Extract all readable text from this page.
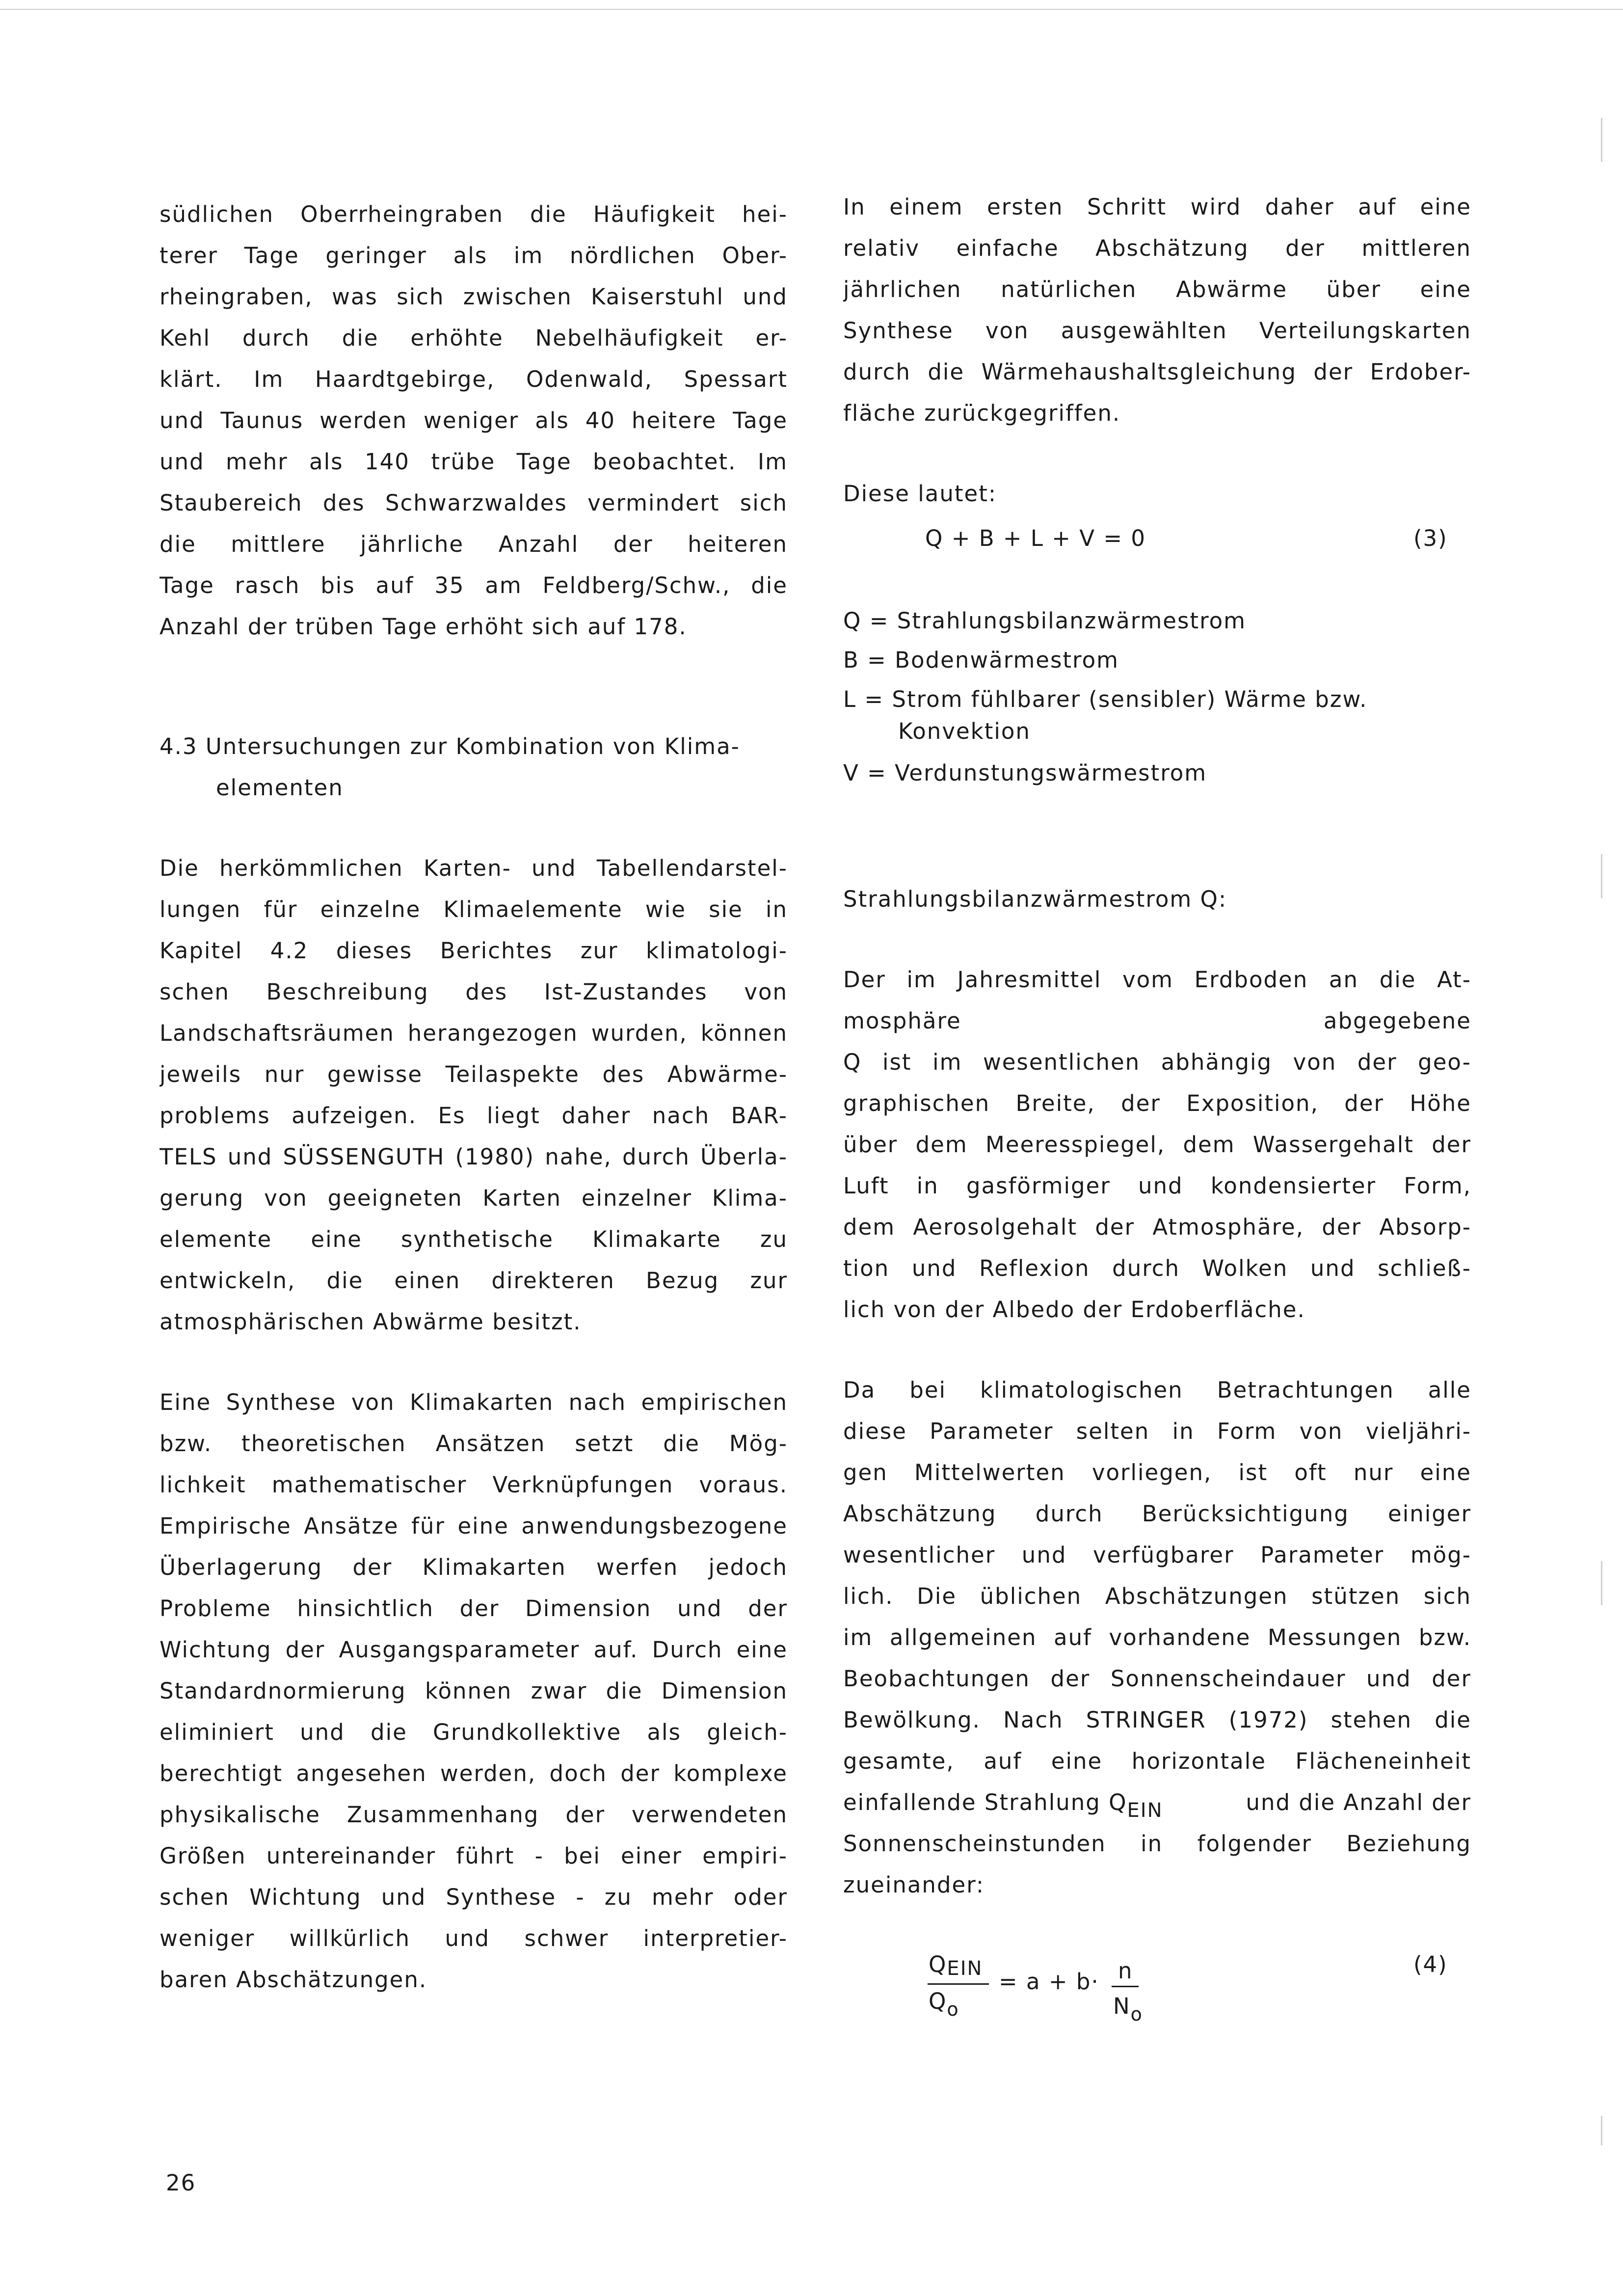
südlichen Oberrheingraben die Häufigkeit hei-
terer Tage geringer als im nördlichen Ober-
rheingraben, was sich zwischen Kaiserstuhl und
Kehl durch die erhöhte Nebelhäufigkeit er-
klärt. Im Haardtgebirge, Odenwald, Spessart
und Taunus werden weniger als 40 heitere Tage
und mehr als 140 trübe Tage beobachtet. Im
Staubereich des Schwarzwaldes vermindert sich
die mittlere jährliche Anzahl der heiteren
Tage rasch bis auf 35 am Feldberg/Schw., die
Anzahl der trüben Tage erhöht sich auf 178.
4.3 Untersuchungen zur Kombination von Klima-
elementen
Die herkömmlichen Karten- und Tabellendarstel-
lungen für einzelne Klimaelemente wie sie in
Kapitel 4.2 dieses Berichtes zur klimatologi-
schen Beschreibung des Ist-Zustandes von
Landschaftsräumen herangezogen wurden, können
jeweils nur gewisse Teilaspekte des Abwärme-
problems aufzeigen. Es liegt daher nach BAR-
TELS und SÜSSENGUTH (1980) nahe, durch Überla-
gerung von geeigneten Karten einzelner Klima-
elemente eine synthetische Klimakarte zu
entwickeln, die einen direkteren Bezug zur
atmosphärischen Abwärme besitzt.
Eine Synthese von Klimakarten nach empirischen
bzw. theoretischen Ansätzen setzt die Mög-
lichkeit mathematischer Verknüpfungen voraus.
Empirische Ansätze für eine anwendungsbezogene
Überlagerung der Klimakarten werfen jedoch
Probleme hinsichtlich der Dimension und der
Wichtung der Ausgangsparameter auf. Durch eine
Standardnormierung können zwar die Dimension
eliminiert und die Grundkollektive als gleich-
berechtigt angesehen werden, doch der komplexe
physikalische Zusammenhang der verwendeten
Größen untereinander führt - bei einer empiri-
schen Wichtung und Synthese - zu mehr oder
weniger willkürlich und schwer interpretier-
baren Abschätzungen.
In einem ersten Schritt wird daher auf eine
relativ einfache Abschätzung der mittleren
jährlichen natürlichen Abwärme über eine
Synthese von ausgewählten Verteilungskarten
durch die Wärmehaushaltsgleichung der Erdober-
fläche zurückgegriffen.
Diese lautet:
Q + B + L + V = 0	(3)
Q = Strahlungsbilanzwärmestrom
B = Bodenwärmestrom
L = Strom fühlbarer (sensibler) Wärme bzw.
Konvektion
V = Verdunstungswärmestrom
Strahlungsbilanzwärmestrom Q:
Der im Jahresmittel vom Erdboden an die At-
mosphäre abgegebene
Q ist im wesentlichen abhängig von der geo-
graphischen Breite, der Exposition, der Höhe
über dem Meeresspiegel, dem Wassergehalt der
Luft in gasförmiger und kondensierter Form,
dem Aerosolgehalt der Atmosphäre, der Absorp-
tion und Reflexion durch Wolken und schließ-
lich von der Albedo der Erdoberfläche.
Da bei klimatologischen Betrachtungen alle
diese Parameter selten in Form von vieljähri-
gen Mittelwerten vorliegen, ist oft nur eine
Abschätzung durch Berücksichtigung einiger
wesentlicher und verfügbarer Parameter mög-
lich. Die üblichen Abschätzungen stützen sich
im allgemeinen auf vorhandene Messungen bzw.
Beobachtungen der Sonnenscheindauer und der
Bewölkung. Nach STRINGER (1972) stehen die
gesamte, auf eine horizontale Flächeneinheit
einfallende Strahlung QEIN	und die Anzahl der
Sonnenscheinstunden in folgender Beziehung
zueinander:
QEIN
$Q_o$
= a + b· n
$N_o$
(4)
26
